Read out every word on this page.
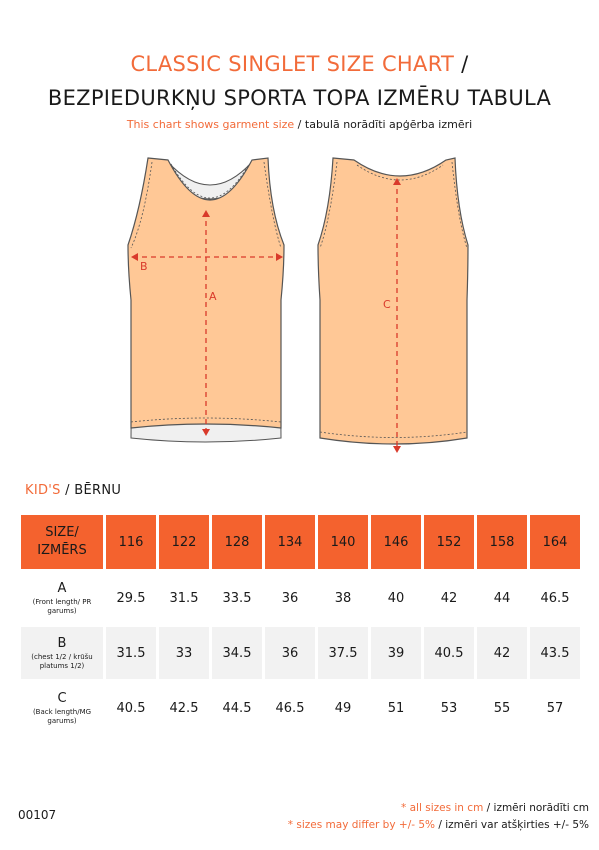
CLASSIC SINGLET SIZE CHART /
BEZPIEDURKŅU SPORTA TOPA IZMĒRU TABULA
This chart shows garment size / tabulā norādīti apģērba izmēri
B
A
C
KID'S / BĒRNU
SIZE/
IZMĒRS	116	122	128	134	140	146	152	158	164

A
(Front length/ PR garums)	29.5	31.5	33.5	36	38	40	42	44	46.5

B
(chest 1/2 / krūšu platums 1/2)	31.5	33	34.5	36	37.5	39	40.5	42	43.5

C
(Back length/MG garums)	40.5	42.5	44.5	46.5	49	51	53	55	57
00107	* all sizes in cm / izmēri norādīti cm
* sizes may differ by +/- 5% / izmēri var atšķirties +/- 5%
